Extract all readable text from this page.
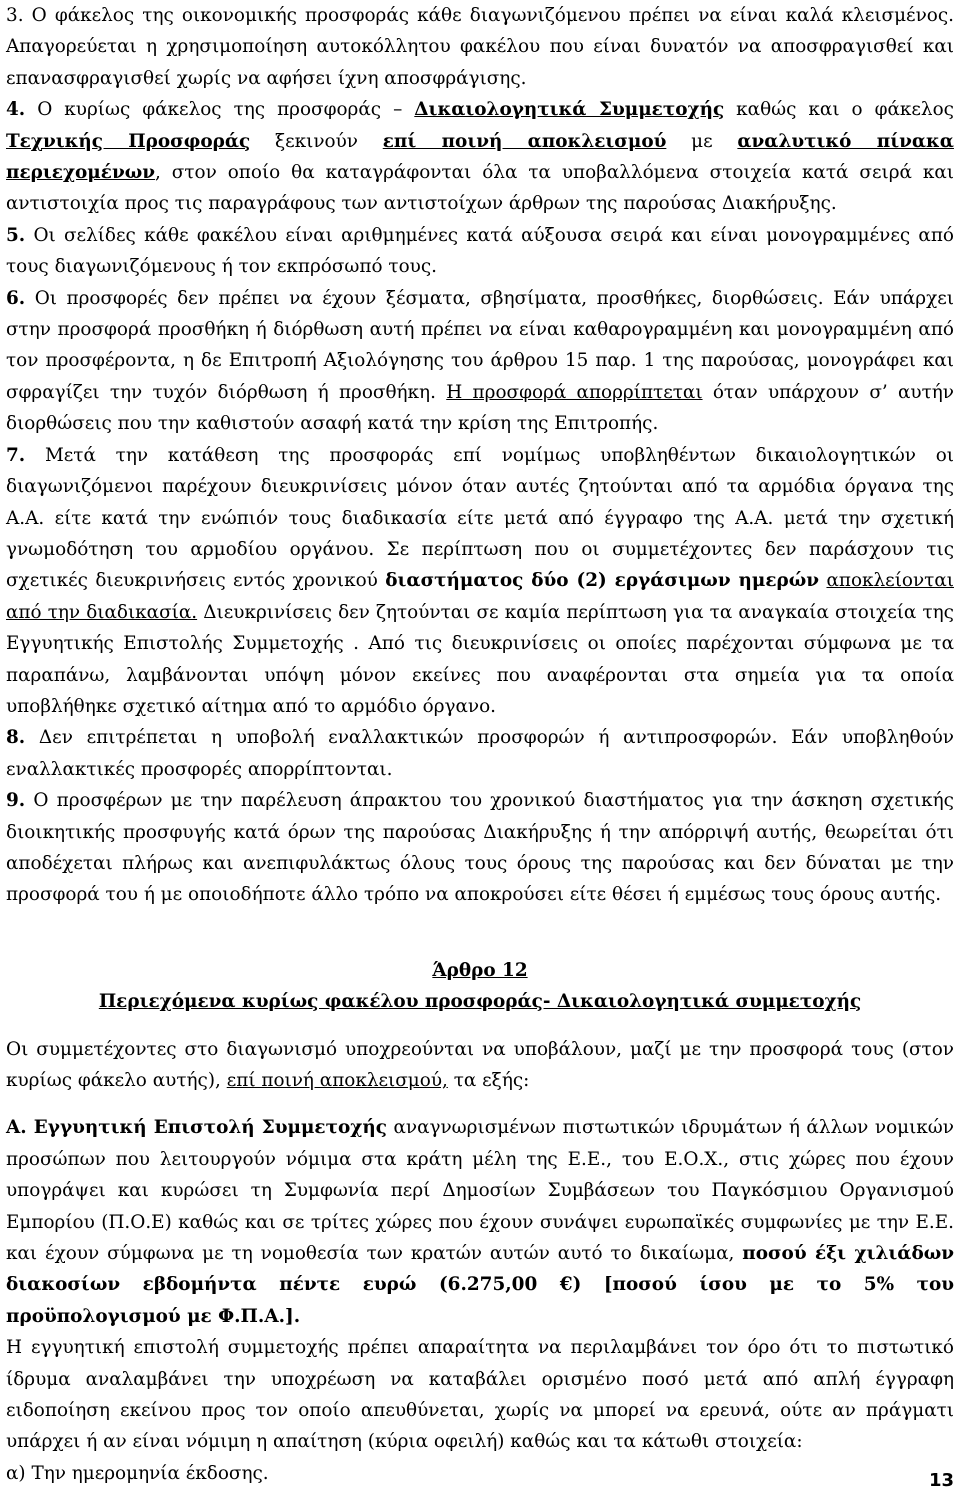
3. Ο φάκελος της οικονομικής προσφοράς κάθε διαγωνιζόμενου πρέπει να είναι καλά κλεισμένος. Απαγορεύεται η χρησιμοποίηση αυτοκόλλητου φακέλου που είναι δυνατόν να αποσφραγισθεί και επανασφραγισθεί χωρίς να αφήσει ίχνη αποσφράγισης.

4. Ο κυρίως φάκελος της προσφοράς – Δικαιολογητικά Συμμετοχής καθώς και ο φάκελος Τεχνικής Προσφοράς ξεκινούν επί ποινή αποκλεισμού με αναλυτικό πίνακα περιεχομένων, στον οποίο θα καταγράφονται όλα τα υποβαλλόμενα στοιχεία κατά σειρά και αντιστοιχία προς τις παραγράφους των αντιστοίχων άρθρων της παρούσας Διακήρυξης.

5. Οι σελίδες κάθε φακέλου είναι αριθμημένες κατά αύξουσα σειρά και είναι μονογραμμένες από τους διαγωνιζόμενους ή τον εκπρόσωπό τους.

6. Οι προσφορές δεν πρέπει να έχουν ξέσματα, σβησίματα, προσθήκες, διορθώσεις. Εάν υπάρχει στην προσφορά προσθήκη ή διόρθωση αυτή πρέπει να είναι καθαρογραμμένη και μονογραμμένη από τον προσφέροντα, η δε Επιτροπή Αξιολόγησης του άρθρου 15 παρ. 1 της παρούσας, μονογράφει και σφραγίζει την τυχόν διόρθωση ή προσθήκη. Η προσφορά απορρίπτεται όταν υπάρχουν σ’ αυτήν διορθώσεις που την καθιστούν ασαφή κατά την κρίση της Επιτροπής.

7. Μετά την κατάθεση της προσφοράς επί νομίμως υποβληθέντων δικαιολογητικών οι διαγωνιζόμενοι παρέχουν διευκρινίσεις μόνον όταν αυτές ζητούνται από τα αρμόδια όργανα της Α.Α. είτε κατά την ενώπιόν τους διαδικασία είτε μετά από έγγραφο της Α.Α. μετά την σχετική γνωμοδότηση του αρμοδίου οργάνου. Σε περίπτωση που οι συμμετέχοντες δεν παράσχουν τις σχετικές διευκρινήσεις εντός χρονικού διαστήματος δύο (2) εργάσιμων ημερών αποκλείονται από την διαδικασία. Διευκρινίσεις δεν ζητούνται σε καμία περίπτωση για τα αναγκαία στοιχεία της Εγγυητικής Επιστολής Συμμετοχής . Από τις διευκρινίσεις οι οποίες παρέχονται σύμφωνα με τα παραπάνω, λαμβάνονται υπόψη μόνον εκείνες που αναφέρονται στα σημεία για τα οποία υποβλήθηκε σχετικό αίτημα από το αρμόδιο όργανο.

8. Δεν επιτρέπεται η υποβολή εναλλακτικών προσφορών ή αντιπροσφορών. Εάν υποβληθούν εναλλακτικές προσφορές απορρίπτονται.

9. Ο προσφέρων με την παρέλευση άπρακτου του χρονικού διαστήματος για την άσκηση σχετικής διοικητικής προσφυγής κατά όρων της παρούσας Διακήρυξης ή την απόρριψή αυτής, θεωρείται ότι αποδέχεται πλήρως και ανεπιφυλάκτως όλους τους όρους της παρούσας και δεν δύναται με την προσφορά του ή με οποιοδήποτε άλλο τρόπο να αποκρούσει είτε θέσει ή εμμέσως τους όρους αυτής.

Άρθρο 12

Περιεχόμενα κυρίως φακέλου προσφοράς- Δικαιολογητικά συμμετοχής

Οι συμμετέχοντες στο διαγωνισμό υποχρεούνται να υποβάλουν, μαζί με την προσφορά τους (στον κυρίως φάκελο αυτής), επί ποινή αποκλεισμού, τα εξής:

Α. Εγγυητική Επιστολή Συμμετοχής αναγνωρισμένων πιστωτικών ιδρυμάτων ή άλλων νομικών προσώπων που λειτουργούν νόμιμα στα κράτη μέλη της Ε.Ε., του Ε.Ο.Χ., στις χώρες που έχουν υπογράψει και κυρώσει τη Συμφωνία περί Δημοσίων Συμβάσεων του Παγκόσμιου Οργανισμού Εμπορίου (Π.Ο.Ε) καθώς και σε τρίτες χώρες που έχουν συνάψει ευρωπαϊκές συμφωνίες με την Ε.Ε. και έχουν σύμφωνα με τη νομοθεσία των κρατών αυτών αυτό το δικαίωμα, ποσού έξι χιλιάδων διακοσίων εβδομήντα πέντε ευρώ (6.275,00 €) [ποσού ίσου με το 5% του προϋπολογισμού με Φ.Π.Α.].

Η εγγυητική επιστολή συμμετοχής πρέπει απαραίτητα να περιλαμβάνει τον όρο ότι το πιστωτικό ίδρυμα αναλαμβάνει την υποχρέωση να καταβάλει ορισμένο ποσό μετά από απλή έγγραφη ειδοποίηση εκείνου προς τον οποίο απευθύνεται, χωρίς να μπορεί να ερευνά, ούτε αν πράγματι υπάρχει ή αν είναι νόμιμη η απαίτηση (κύρια οφειλή) καθώς και τα κάτωθι στοιχεία:

α) Την ημερομηνία έκδοσης.	13
